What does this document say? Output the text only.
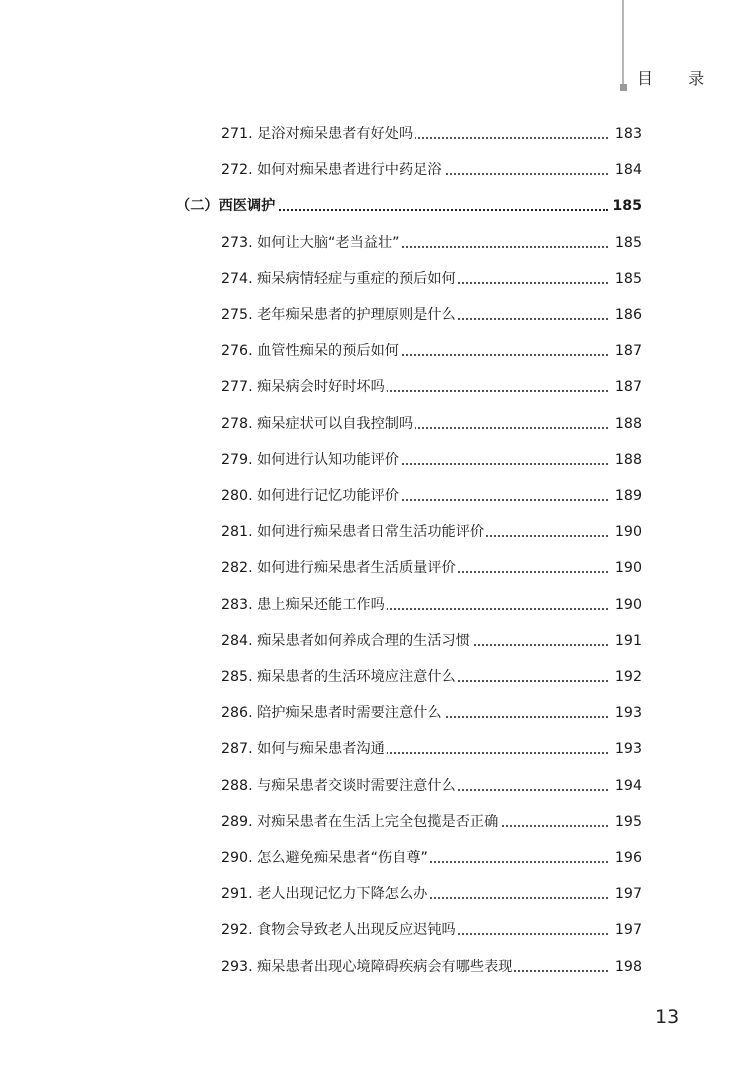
目 录
271. 足浴对痴呆患者有好处吗	183
272. 如何对痴呆患者进行中药足浴	184
（二）西医调护	185
273. 如何让大脑“老当益壮”	185
274. 痴呆病情轻症与重症的预后如何	185
275. 老年痴呆患者的护理原则是什么	186
276. 血管性痴呆的预后如何	187
277. 痴呆病会时好时坏吗	187
278. 痴呆症状可以自我控制吗	188
279. 如何进行认知功能评价	188
280. 如何进行记忆功能评价	189
281. 如何进行痴呆患者日常生活功能评价	190
282. 如何进行痴呆患者生活质量评价	190
283. 患上痴呆还能工作吗	190
284. 痴呆患者如何养成合理的生活习惯	191
285. 痴呆患者的生活环境应注意什么	192
286. 陪护痴呆患者时需要注意什么	193
287. 如何与痴呆患者沟通	193
288. 与痴呆患者交谈时需要注意什么	194
289. 对痴呆患者在生活上完全包揽是否正确	195
290. 怎么避免痴呆患者“伤自尊”	196
291. 老人出现记忆力下降怎么办	197
292. 食物会导致老人出现反应迟钝吗	197
293. 痴呆患者出现心境障碍疾病会有哪些表现	198
13
